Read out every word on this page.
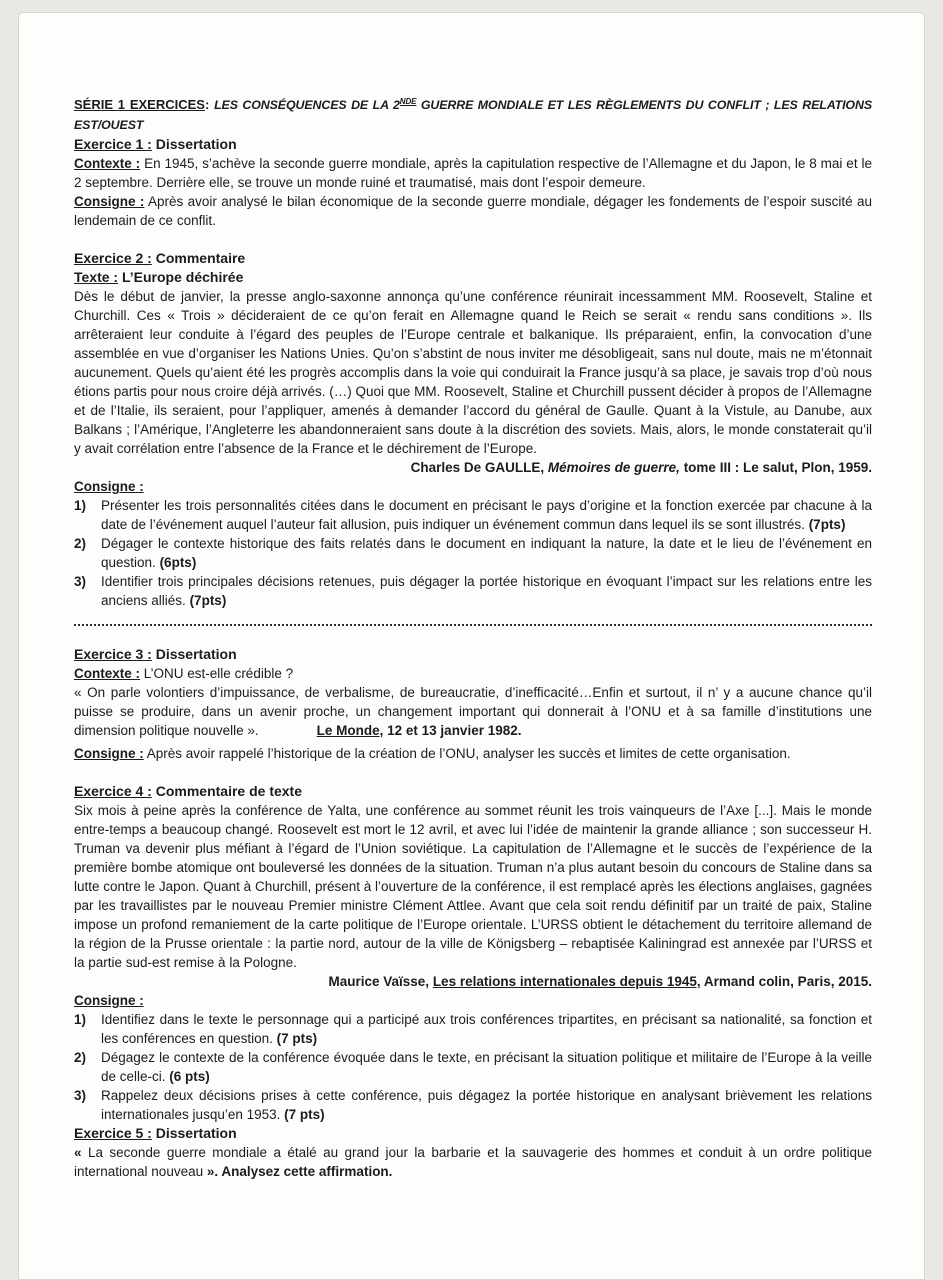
SÉRIE 1 EXERCICES: LES CONSÉQUENCES DE LA 2NDE GUERRE MONDIALE ET LES RÈGLEMENTS DU CONFLIT ; LES RELATIONS EST/OUEST

Exercice 1 : Dissertation

Contexte : En 1945, s’achève la seconde guerre mondiale, après la capitulation respective de l’Allemagne et du Japon, le 8 mai et le 2 septembre. Derrière elle, se trouve un monde ruiné et traumatisé, mais dont l’espoir demeure.

Consigne : Après avoir analysé le bilan économique de la seconde guerre mondiale, dégager les fondements de l’espoir suscité au lendemain de ce conflit.

Exercice 2 : Commentaire

Texte : L’Europe déchirée

Dès le début de janvier, la presse anglo-saxonne annonça qu’une conférence réunirait incessamment MM. Roosevelt, Staline et Churchill. Ces « Trois » décideraient de ce qu’on ferait en Allemagne quand le Reich se serait « rendu sans conditions ». Ils arrêteraient leur conduite à l’égard des peuples de l’Europe centrale et balkanique. Ils préparaient, enfin, la convocation d’une assemblée en vue d’organiser les Nations Unies. Qu’on s’abstint de nous inviter me désobligeait, sans nul doute, mais ne m’étonnait aucunement. Quels qu’aient été les progrès accomplis dans la voie qui conduirait la France jusqu’à sa place, je savais trop d’où nous étions partis pour nous croire déjà arrivés. (…) Quoi que MM. Roosevelt, Staline et Churchill pussent décider à propos de l’Allemagne et de l’Italie, ils seraient, pour l’appliquer, amenés à demander l’accord du général de Gaulle. Quant à la Vistule, au Danube, aux Balkans ; l’Amérique, l’Angleterre les abandonneraient sans doute à la discrétion des soviets. Mais, alors, le monde constaterait qu’il y avait corrélation entre l’absence de la France et le déchirement de l’Europe.

Charles De GAULLE, Mémoires de guerre, tome III : Le salut, Plon, 1959.

Consigne :

1)	Présenter les trois personnalités citées dans le document en précisant le pays d’origine et la fonction exercée par chacune à la date de l’événement auquel l’auteur fait allusion, puis indiquer un événement commun dans lequel ils se sont illustrés. (7pts)

2)	Dégager le contexte historique des faits relatés dans le document en indiquant la nature, la date et le lieu de l’événement en question. (6pts)

3)	Identifier trois principales décisions retenues, puis dégager la portée historique en évoquant l’impact sur les relations entre les anciens alliés. (7pts)

Exercice 3 : Dissertation

Contexte : L’ONU est-elle crédible ?

« On parle volontiers d’impuissance, de verbalisme, de bureaucratie, d’inefficacité…Enfin et surtout, il n’ y a aucune chance qu’il puisse se produire, dans un avenir proche, un changement important qui donnerait à l’ONU et à sa famille d’institutions une dimension politique nouvelle ».	Le Monde, 12 et 13 janvier 1982.

Consigne : Après avoir rappelé l’historique de la création de l’ONU, analyser les succès et limites de cette organisation.

Exercice 4 : Commentaire de texte

Six mois à peine après la conférence de Yalta, une conférence au sommet réunit les trois vainqueurs de l’Axe [...]. Mais le monde entre-temps a beaucoup changé. Roosevelt est mort le 12 avril, et avec lui l’idée de maintenir la grande alliance ; son successeur H. Truman va devenir plus méfiant à l’égard de l’Union soviétique. La capitulation de l’Allemagne et le succès de l’expérience de la première bombe atomique ont bouleversé les données de la situation. Truman n’a plus autant besoin du concours de Staline dans sa lutte contre le Japon. Quant à Churchill, présent à l’ouverture de la conférence, il est remplacé après les élections anglaises, gagnées par les travaillistes par le nouveau Premier ministre Clément Attlee. Avant que cela soit rendu définitif par un traité de paix, Staline impose un profond remaniement de la carte politique de l’Europe orientale. L’URSS obtient le détachement du territoire allemand de la région de la Prusse orientale : la partie nord, autour de la ville de Königsberg – rebaptisée Kaliningrad est annexée par l’URSS et la partie sud-est remise à la Pologne.

Maurice Vaïsse, Les relations internationales depuis 1945, Armand colin, Paris, 2015.

Consigne :

1)	Identifiez dans le texte le personnage qui a participé aux trois conférences tripartites, en précisant sa nationalité, sa fonction et les conférences en question. (7 pts)

2)	Dégagez le contexte de la conférence évoquée dans le texte, en précisant la situation politique et militaire de l’Europe à la veille de celle-ci. (6 pts)

3)	Rappelez deux décisions prises à cette conférence, puis dégagez la portée historique en analysant brièvement les relations internationales jusqu’en 1953. (7 pts)

Exercice 5 : Dissertation

« La seconde guerre mondiale a étalé au grand jour la barbarie et la sauvagerie des hommes et conduit à un ordre politique international nouveau ». Analysez cette affirmation.
